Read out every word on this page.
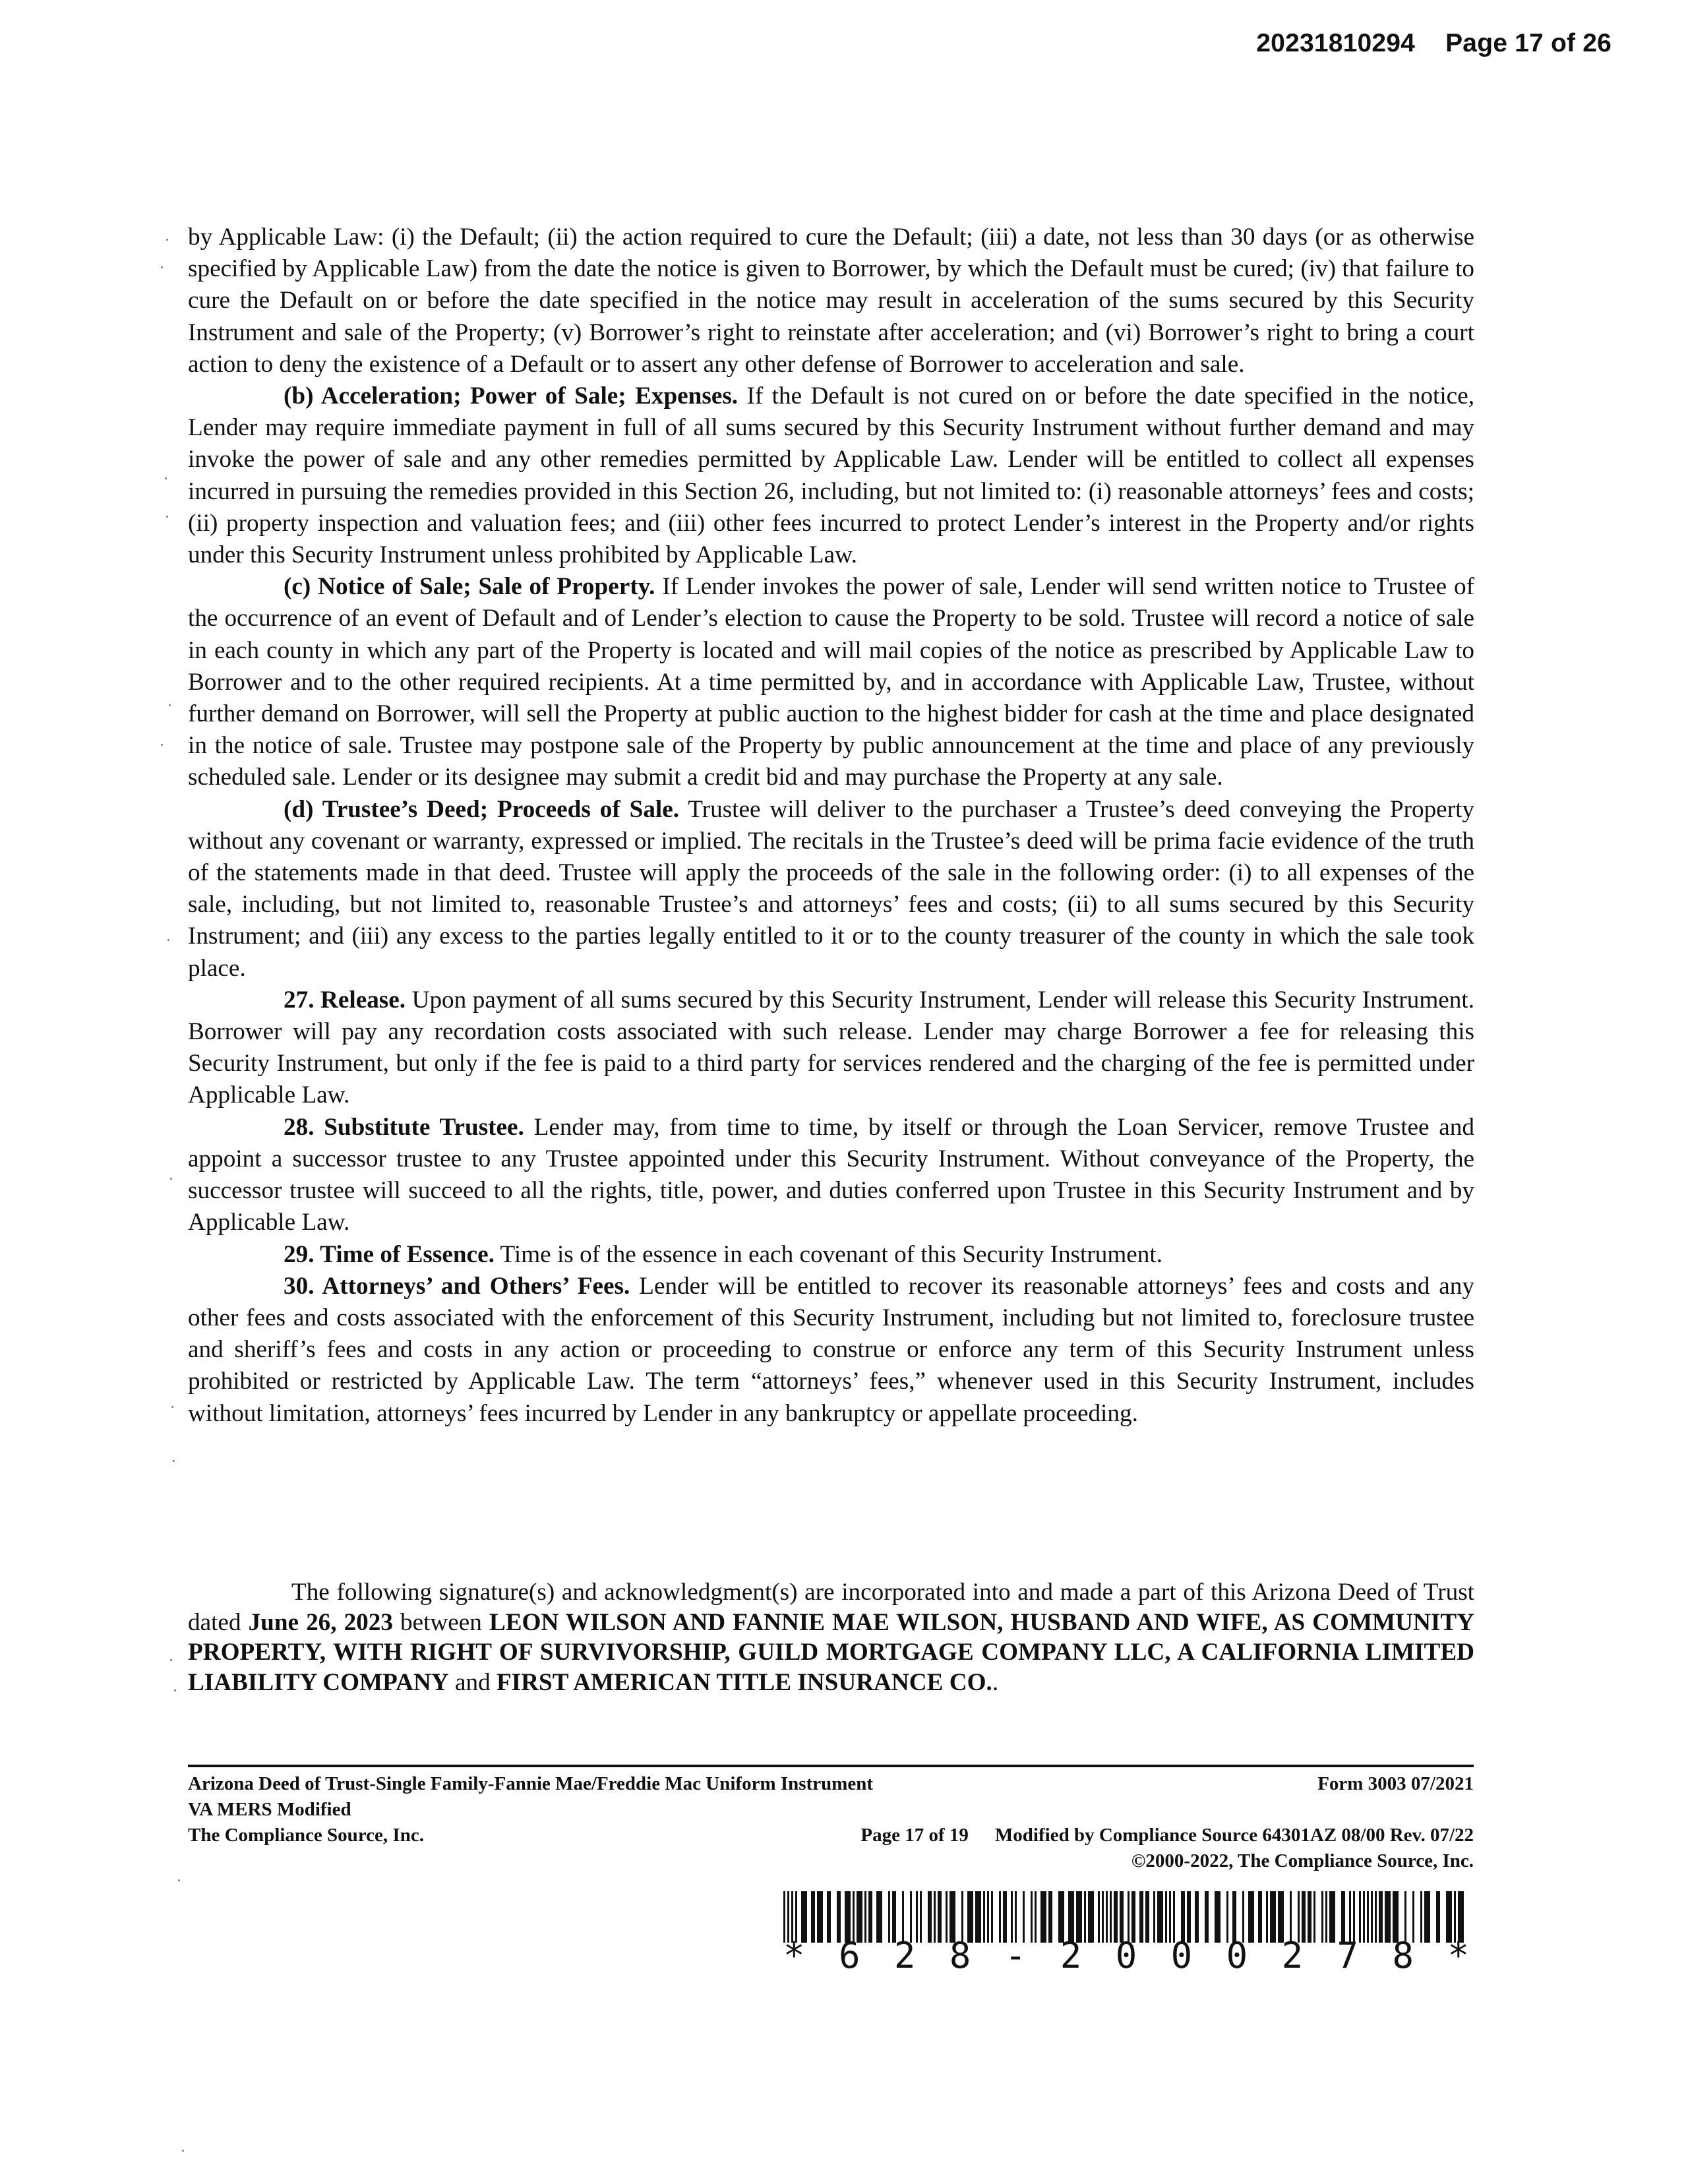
20231810294 Page 17 of 26

by Applicable Law: (i) the Default; (ii) the action required to cure the Default; (iii) a date, not less than 30 days (or as otherwise specified by Applicable Law) from the date the notice is given to Borrower, by which the Default must be cured; (iv) that failure to cure the Default on or before the date specified in the notice may result in acceleration of the sums secured by this Security Instrument and sale of the Property; (v) Borrower’s right to reinstate after acceleration; and (vi) Borrower’s right to bring a court action to deny the existence of a Default or to assert any other defense of Borrower to acceleration and sale.

(b) Acceleration; Power of Sale; Expenses. If the Default is not cured on or before the date specified in the notice, Lender may require immediate payment in full of all sums secured by this Security Instrument without further demand and may invoke the power of sale and any other remedies permitted by Applicable Law. Lender will be entitled to collect all expenses incurred in pursuing the remedies provided in this Section 26, including, but not limited to: (i) reasonable attorneys’ fees and costs; (ii) property inspection and valuation fees; and (iii) other fees incurred to protect Lender’s interest in the Property and/or rights under this Security Instrument unless prohibited by Applicable Law.

(c) Notice of Sale; Sale of Property. If Lender invokes the power of sale, Lender will send written notice to Trustee of the occurrence of an event of Default and of Lender’s election to cause the Property to be sold. Trustee will record a notice of sale in each county in which any part of the Property is located and will mail copies of the notice as prescribed by Applicable Law to Borrower and to the other required recipients. At a time permitted by, and in accordance with Applicable Law, Trustee, without further demand on Borrower, will sell the Property at public auction to the highest bidder for cash at the time and place designated in the notice of sale. Trustee may postpone sale of the Property by public announcement at the time and place of any previously scheduled sale. Lender or its designee may submit a credit bid and may purchase the Property at any sale.

(d) Trustee’s Deed; Proceeds of Sale. Trustee will deliver to the purchaser a Trustee’s deed conveying the Property without any covenant or warranty, expressed or implied. The recitals in the Trustee’s deed will be prima facie evidence of the truth of the statements made in that deed. Trustee will apply the proceeds of the sale in the following order: (i) to all expenses of the sale, including, but not limited to, reasonable Trustee’s and attorneys’ fees and costs; (ii) to all sums secured by this Security Instrument; and (iii) any excess to the parties legally entitled to it or to the county treasurer of the county in which the sale took place.

27. Release. Upon payment of all sums secured by this Security Instrument, Lender will release this Security Instrument. Borrower will pay any recordation costs associated with such release. Lender may charge Borrower a fee for releasing this Security Instrument, but only if the fee is paid to a third party for services rendered and the charging of the fee is permitted under Applicable Law.

28. Substitute Trustee. Lender may, from time to time, by itself or through the Loan Servicer, remove Trustee and appoint a successor trustee to any Trustee appointed under this Security Instrument. Without conveyance of the Property, the successor trustee will succeed to all the rights, title, power, and duties conferred upon Trustee in this Security Instrument and by Applicable Law.

29. Time of Essence. Time is of the essence in each covenant of this Security Instrument.

30. Attorneys’ and Others’ Fees. Lender will be entitled to recover its reasonable attorneys’ fees and costs and any other fees and costs associated with the enforcement of this Security Instrument, including but not limited to, foreclosure trustee and sheriff’s fees and costs in any action or proceeding to construe or enforce any term of this Security Instrument unless prohibited or restricted by Applicable Law. The term “attorneys’ fees,” whenever used in this Security Instrument, includes without limitation, attorneys’ fees incurred by Lender in any bankruptcy or appellate proceeding.

The following signature(s) and acknowledgment(s) are incorporated into and made a part of this Arizona Deed of Trust dated June 26, 2023 between LEON WILSON AND FANNIE MAE WILSON, HUSBAND AND WIFE, AS COMMUNITY PROPERTY, WITH RIGHT OF SURVIVORSHIP, GUILD MORTGAGE COMPANY LLC, A CALIFORNIA LIMITED LIABILITY COMPANY and FIRST AMERICAN TITLE INSURANCE CO..

Arizona Deed of Trust-Single Family-Fannie Mae/Freddie Mac Uniform Instrument	Form 3003 07/2021
VA MERS Modified
The Compliance Source, Inc.	Page 17 of 19 Modified by Compliance Source 64301AZ 08/00 Rev. 07/22
©2000-2022, The Compliance Source, Inc.
* 6 2 8 - 2 0 0 0 2 7 8 *
